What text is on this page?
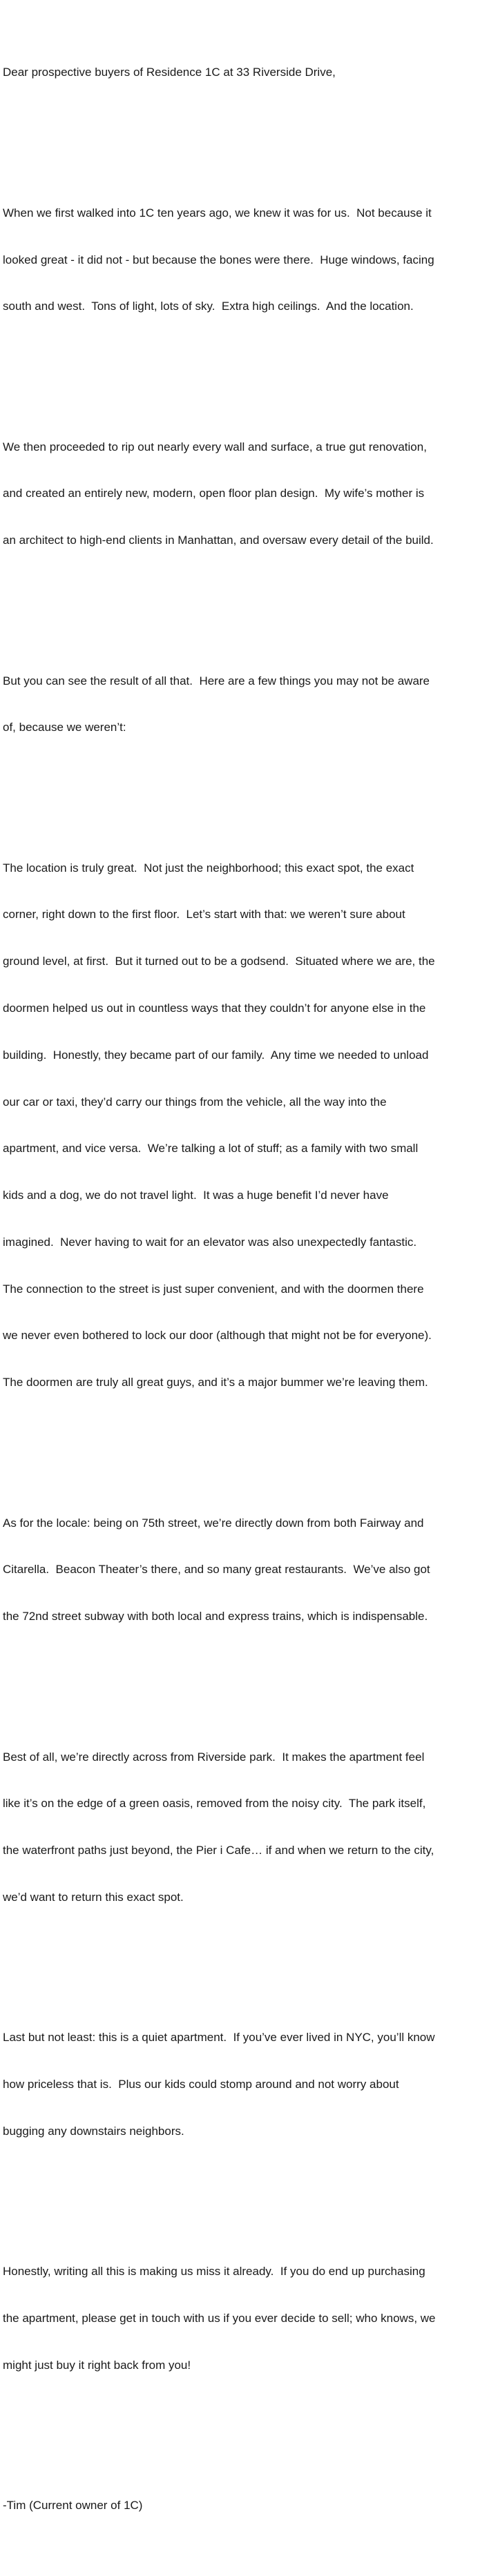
Dear prospective buyers of Residence 1C at 33 Riverside Drive,

When we first walked into 1C ten years ago, we knew it was for us.  Not because it

looked great - it did not - but because the bones were there.  Huge windows, facing

south and west.  Tons of light, lots of sky.  Extra high ceilings.  And the location.

We then proceeded to rip out nearly every wall and surface, a true gut renovation,

and created an entirely new, modern, open floor plan design.  My wife’s mother is

an architect to high-end clients in Manhattan, and oversaw every detail of the build.

But you can see the result of all that.  Here are a few things you may not be aware

of, because we weren’t:

The location is truly great.  Not just the neighborhood; this exact spot, the exact

corner, right down to the first floor.  Let’s start with that: we weren’t sure about

ground level, at first.  But it turned out to be a godsend.  Situated where we are, the

doormen helped us out in countless ways that they couldn’t for anyone else in the

building.  Honestly, they became part of our family.  Any time we needed to unload

our car or taxi, they’d carry our things from the vehicle, all the way into the

apartment, and vice versa.  We’re talking a lot of stuff; as a family with two small

kids and a dog, we do not travel light.  It was a huge benefit I’d never have

imagined.  Never having to wait for an elevator was also unexpectedly fantastic.

The connection to the street is just super convenient, and with the doormen there

we never even bothered to lock our door (although that might not be for everyone).

The doormen are truly all great guys, and it’s a major bummer we’re leaving them.

As for the locale: being on 75th street, we’re directly down from both Fairway and

Citarella.  Beacon Theater’s there, and so many great restaurants.  We’ve also got

the 72nd street subway with both local and express trains, which is indispensable.

Best of all, we’re directly across from Riverside park.  It makes the apartment feel

like it’s on the edge of a green oasis, removed from the noisy city.  The park itself,

the waterfront paths just beyond, the Pier i Cafe… if and when we return to the city,

we’d want to return this exact spot.

Last but not least: this is a quiet apartment.  If you’ve ever lived in NYC, you’ll know

how priceless that is.  Plus our kids could stomp around and not worry about

bugging any downstairs neighbors.

Honestly, writing all this is making us miss it already.  If you do end up purchasing

the apartment, please get in touch with us if you ever decide to sell; who knows, we

might just buy it right back from you!

-Tim (Current owner of 1C)
